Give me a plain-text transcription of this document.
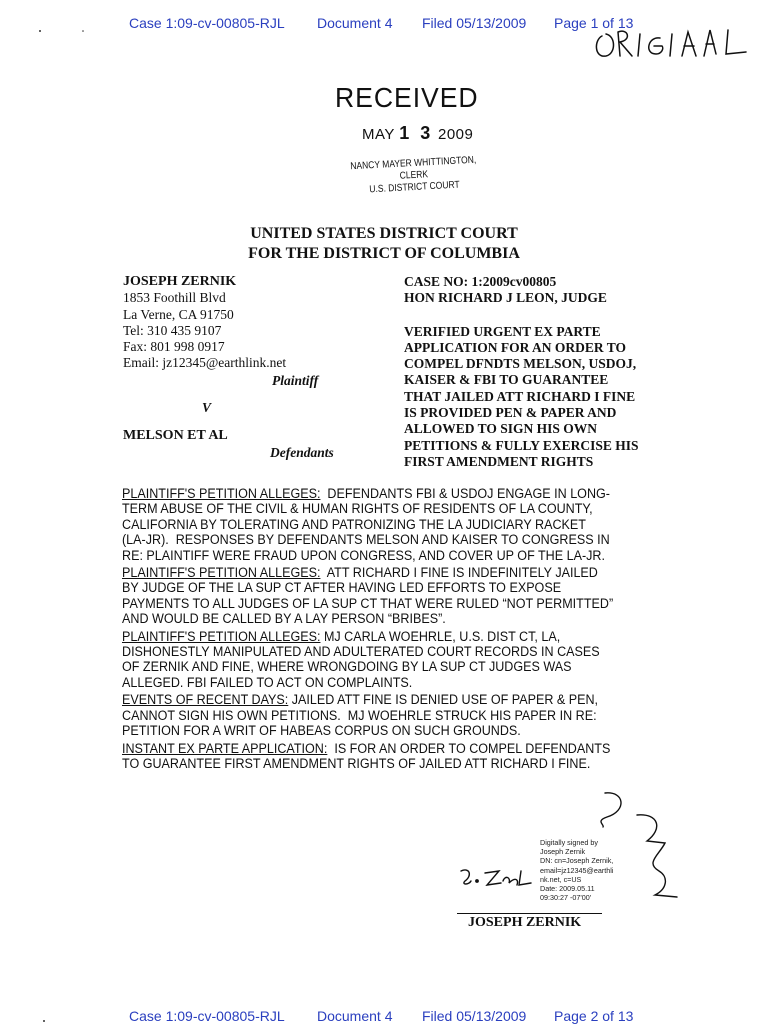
Case 1:09-cv-00805-RJL Document 4 Filed 05/13/2009 Page 1 of 13
RECEIVED
MAY 1 3 2009
NANCY MAYER WHITTINGTON, CLERK
U.S. DISTRICT COURT
UNITED STATES DISTRICT COURT
FOR THE DISTRICT OF COLUMBIA
JOSEPH ZERNIK
1853 Foothill Blvd
La Verne, CA 91750
Tel: 310 435 9107
Fax: 801 998 0917
Email: jz12345@earthlink.net
Plaintiff
V
MELSON ET AL
Defendants
CASE NO: 1:2009cv00805
HON RICHARD J LEON, JUDGE
VERIFIED URGENT EX PARTE
APPLICATION FOR AN ORDER TO
COMPEL DFNDTS MELSON, USDOJ,
KAISER & FBI TO GUARANTEE
THAT JAILED ATT RICHARD I FINE
IS PROVIDED PEN & PAPER AND
ALLOWED TO SIGN HIS OWN
PETITIONS & FULLY EXERCISE HIS
FIRST AMENDMENT RIGHTS

PLAINTIFF'S PETITION ALLEGES:  DEFENDANTS FBI & USDOJ ENGAGE IN LONG-
TERM ABUSE OF THE CIVIL & HUMAN RIGHTS OF RESIDENTS OF LA COUNTY,
CALIFORNIA BY TOLERATING AND PATRONIZING THE LA JUDICIARY RACKET
(LA-JR).  RESPONSES BY DEFENDANTS MELSON AND KAISER TO CONGRESS IN
RE: PLAINTIFF WERE FRAUD UPON CONGRESS, AND COVER UP OF THE LA-JR.

PLAINTIFF'S PETITION ALLEGES:  ATT RICHARD I FINE IS INDEFINITELY JAILED
BY JUDGE OF THE LA SUP CT AFTER HAVING LED EFFORTS TO EXPOSE
PAYMENTS TO ALL JUDGES OF LA SUP CT THAT WERE RULED “NOT PERMITTED”
AND WOULD BE CALLED BY A LAY PERSON “BRIBES”.

PLAINTIFF'S PETITION ALLEGES: MJ CARLA WOEHRLE, U.S. DIST CT, LA,
DISHONESTLY MANIPULATED AND ADULTERATED COURT RECORDS IN CASES
OF ZERNIK AND FINE, WHERE WRONGDOING BY LA SUP CT JUDGES WAS
ALLEGED. FBI FAILED TO ACT ON COMPLAINTS.

EVENTS OF RECENT DAYS: JAILED ATT FINE IS DENIED USE OF PAPER & PEN,
CANNOT SIGN HIS OWN PETITIONS.  MJ WOEHRLE STRUCK HIS PAPER IN RE:
PETITION FOR A WRIT OF HABEAS CORPUS ON SUCH GROUNDS.

INSTANT EX PARTE APPLICATION:  IS FOR AN ORDER TO COMPEL DEFENDANTS
TO GUARANTEE FIRST AMENDMENT RIGHTS OF JAILED ATT RICHARD I FINE.

Digitally signed by
Joseph Zernik
DN: cn=Joseph Zernik,
email=jz12345@earthli
nk.net, c=US
Date: 2009.05.11
09:30:27 -07'00'
JOSEPH ZERNIK
Case 1:09-cv-00805-RJL Document 4 Filed 05/13/2009 Page 2 of 13
